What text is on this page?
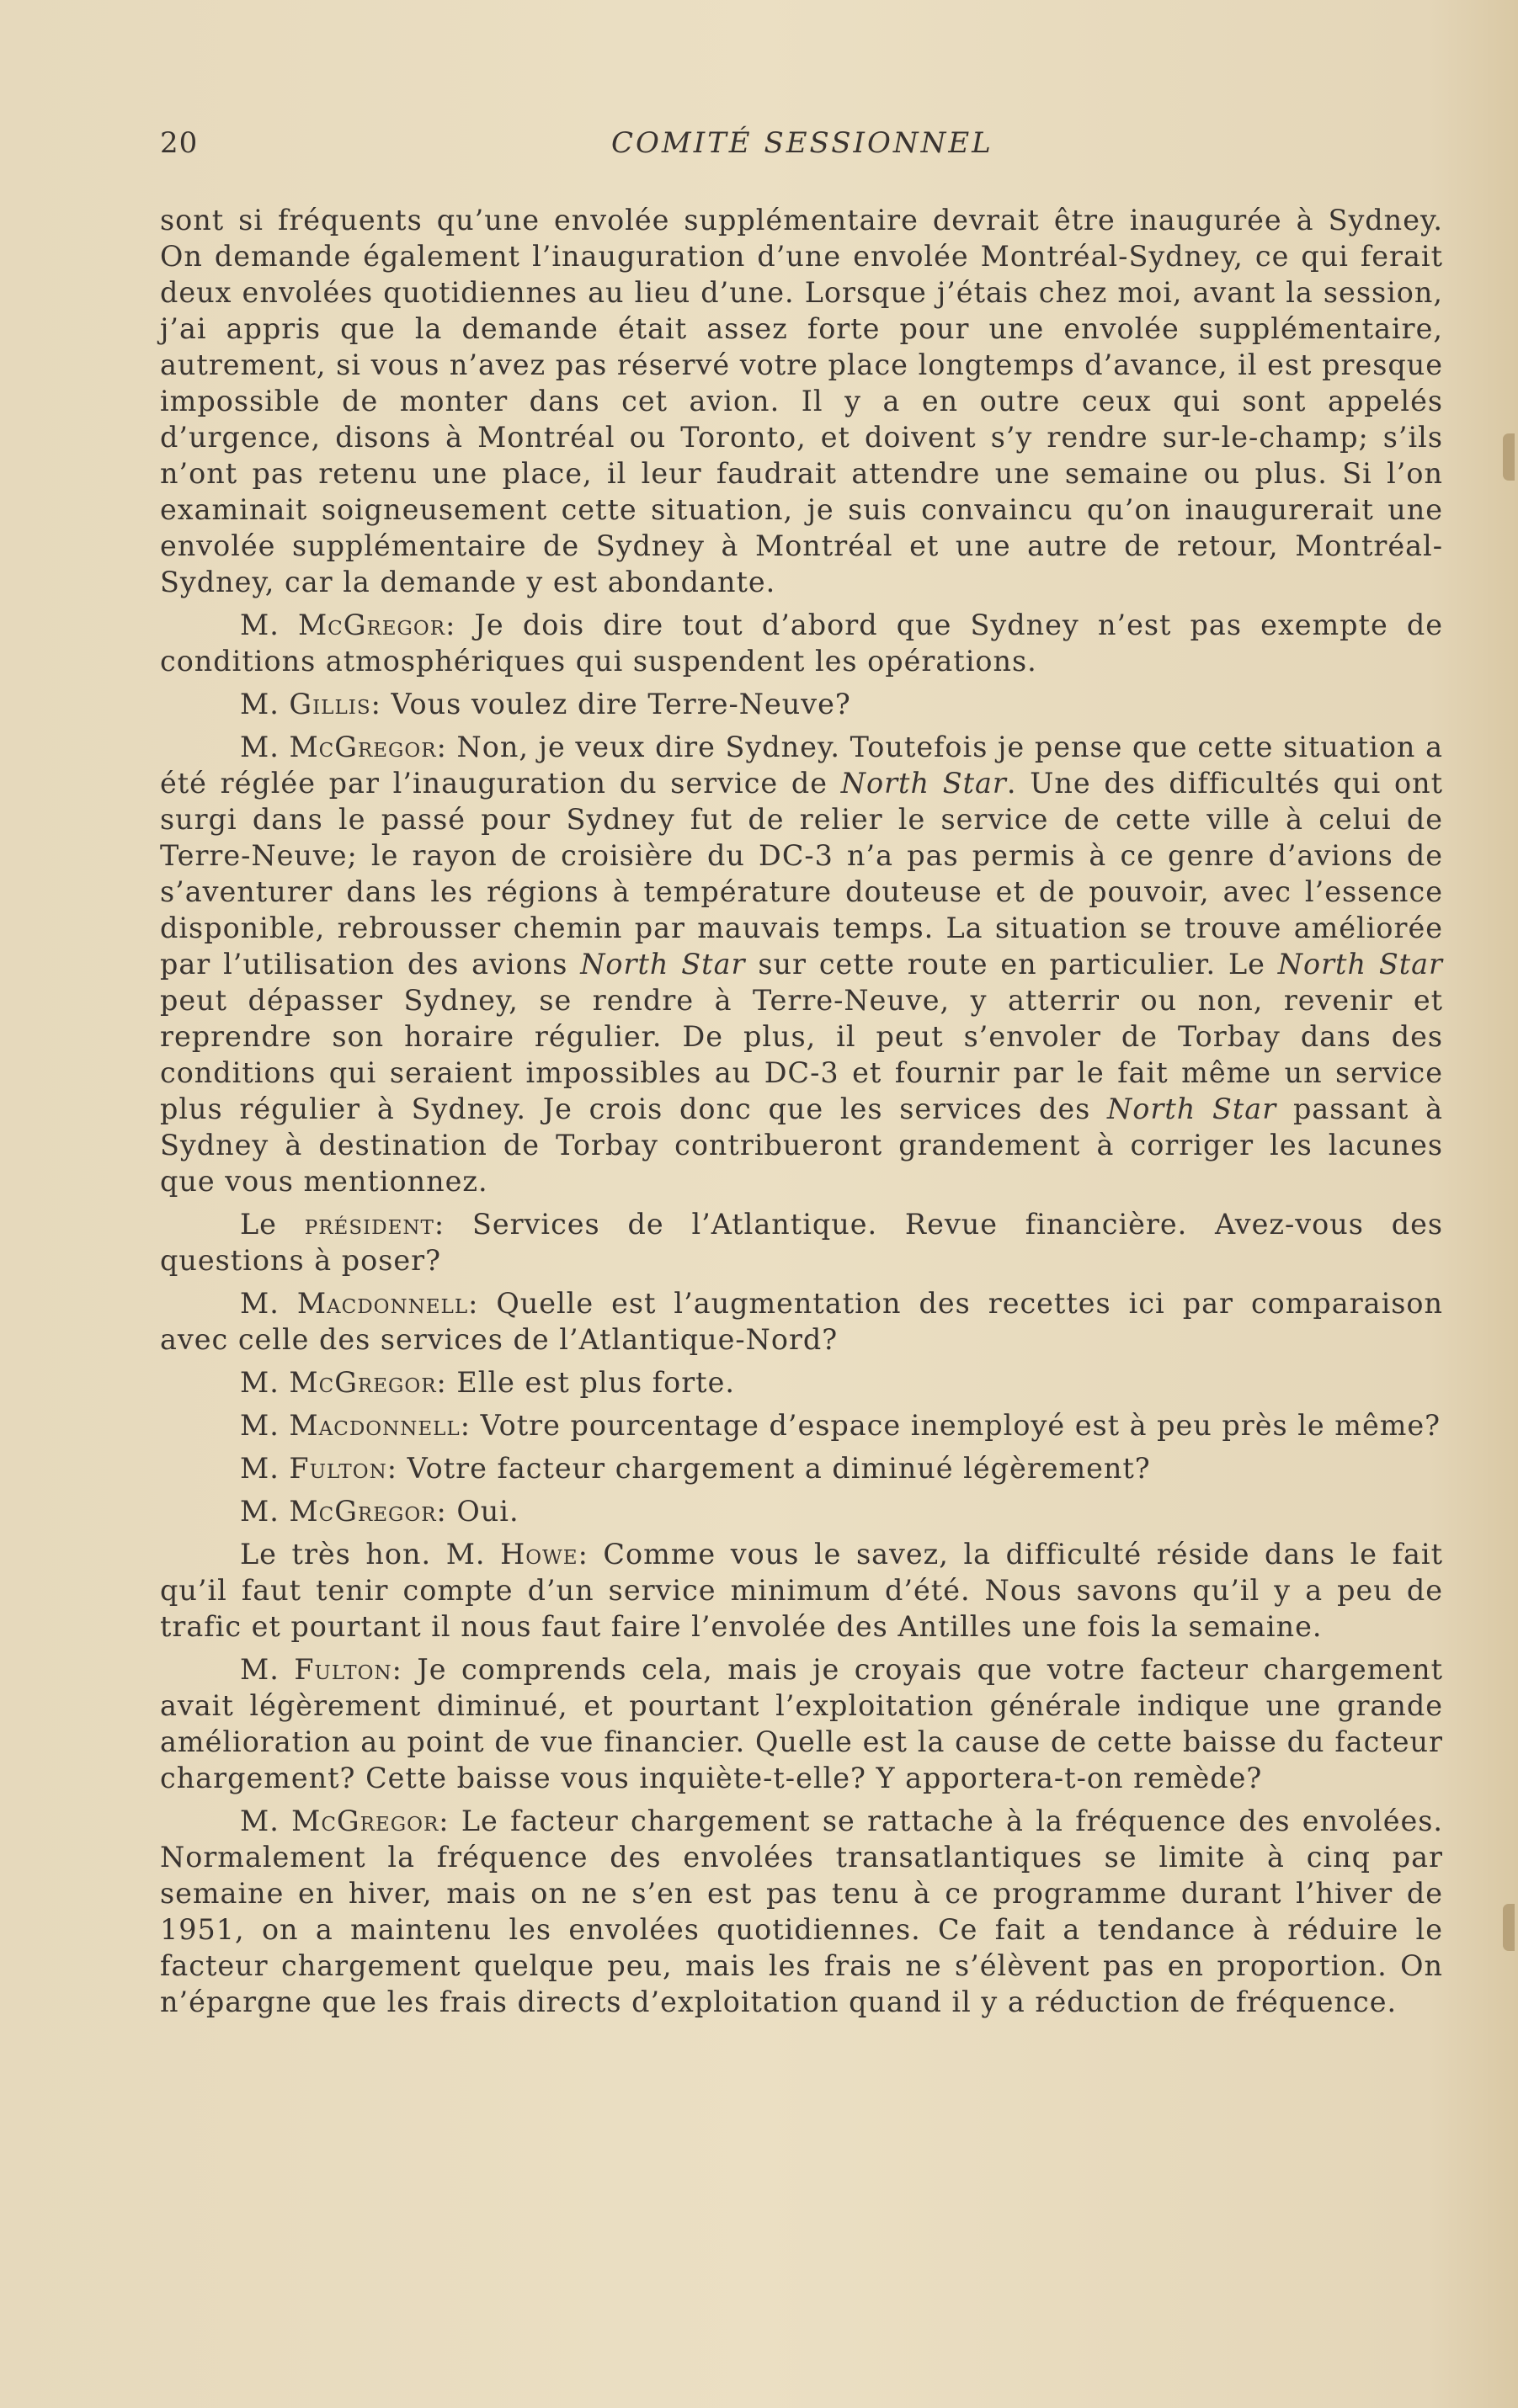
20	COMITÉ SESSIONNEL

sont si fréquents qu’une envolée supplémentaire devrait être inaugurée à Sydney. On demande également l’inauguration d’une envolée Montréal-Sydney, ce qui ferait deux envolées quotidiennes au lieu d’une. Lorsque j’étais chez moi, avant la session, j’ai appris que la demande était assez forte pour une envolée supplémentaire, autrement, si vous n’avez pas réservé votre place longtemps d’avance, il est presque impossible de monter dans cet avion. Il y a en outre ceux qui sont appelés d’urgence, disons à Montréal ou Toronto, et doivent s’y rendre sur-le-champ; s’ils n’ont pas retenu une place, il leur faudrait attendre une semaine ou plus. Si l’on examinait soigneusement cette situation, je suis convaincu qu’on inaugurerait une envolée supplémentaire de Sydney à Montréal et une autre de retour, Montréal-Sydney, car la demande y est abondante.

M. McGregor: Je dois dire tout d’abord que Sydney n’est pas exempte de conditions atmosphériques qui suspendent les opérations.

M. Gillis: Vous voulez dire Terre-Neuve?

M. McGregor: Non, je veux dire Sydney. Toutefois je pense que cette situation a été réglée par l’inauguration du service de North Star. Une des difficultés qui ont surgi dans le passé pour Sydney fut de relier le service de cette ville à celui de Terre-Neuve; le rayon de croisière du DC-3 n’a pas permis à ce genre d’avions de s’aventurer dans les régions à température douteuse et de pouvoir, avec l’essence disponible, rebrousser chemin par mauvais temps. La situation se trouve améliorée par l’utilisation des avions North Star sur cette route en particulier. Le North Star peut dépasser Sydney, se rendre à Terre-Neuve, y atterrir ou non, revenir et reprendre son horaire régulier. De plus, il peut s’envoler de Torbay dans des conditions qui seraient impossibles au DC-3 et fournir par le fait même un service plus régulier à Sydney. Je crois donc que les services des North Star passant à Sydney à destination de Torbay contribueront grandement à corriger les lacunes que vous mentionnez.

Le président: Services de l’Atlantique. Revue financière. Avez-vous des questions à poser?

M. Macdonnell: Quelle est l’augmentation des recettes ici par comparaison avec celle des services de l’Atlantique-Nord?

M. McGregor: Elle est plus forte.

M. Macdonnell: Votre pourcentage d’espace inemployé est à peu près le même?

M. Fulton: Votre facteur chargement a diminué légèrement?

M. McGregor: Oui.

Le très hon. M. Howe: Comme vous le savez, la difficulté réside dans le fait qu’il faut tenir compte d’un service minimum d’été. Nous savons qu’il y a peu de trafic et pourtant il nous faut faire l’envolée des Antilles une fois la semaine.

M. Fulton: Je comprends cela, mais je croyais que votre facteur chargement avait légèrement diminué, et pourtant l’exploitation générale indique une grande amélioration au point de vue financier. Quelle est la cause de cette baisse du facteur chargement? Cette baisse vous inquiète-t-elle? Y apportera-t-on remède?

M. McGregor: Le facteur chargement se rattache à la fréquence des envolées. Normalement la fréquence des envolées transatlantiques se limite à cinq par semaine en hiver, mais on ne s’en est pas tenu à ce programme durant l’hiver de 1951, on a maintenu les envolées quotidiennes. Ce fait a tendance à réduire le facteur chargement quelque peu, mais les frais ne s’élèvent pas en proportion. On n’épargne que les frais directs d’exploitation quand il y a réduction de fréquence.
